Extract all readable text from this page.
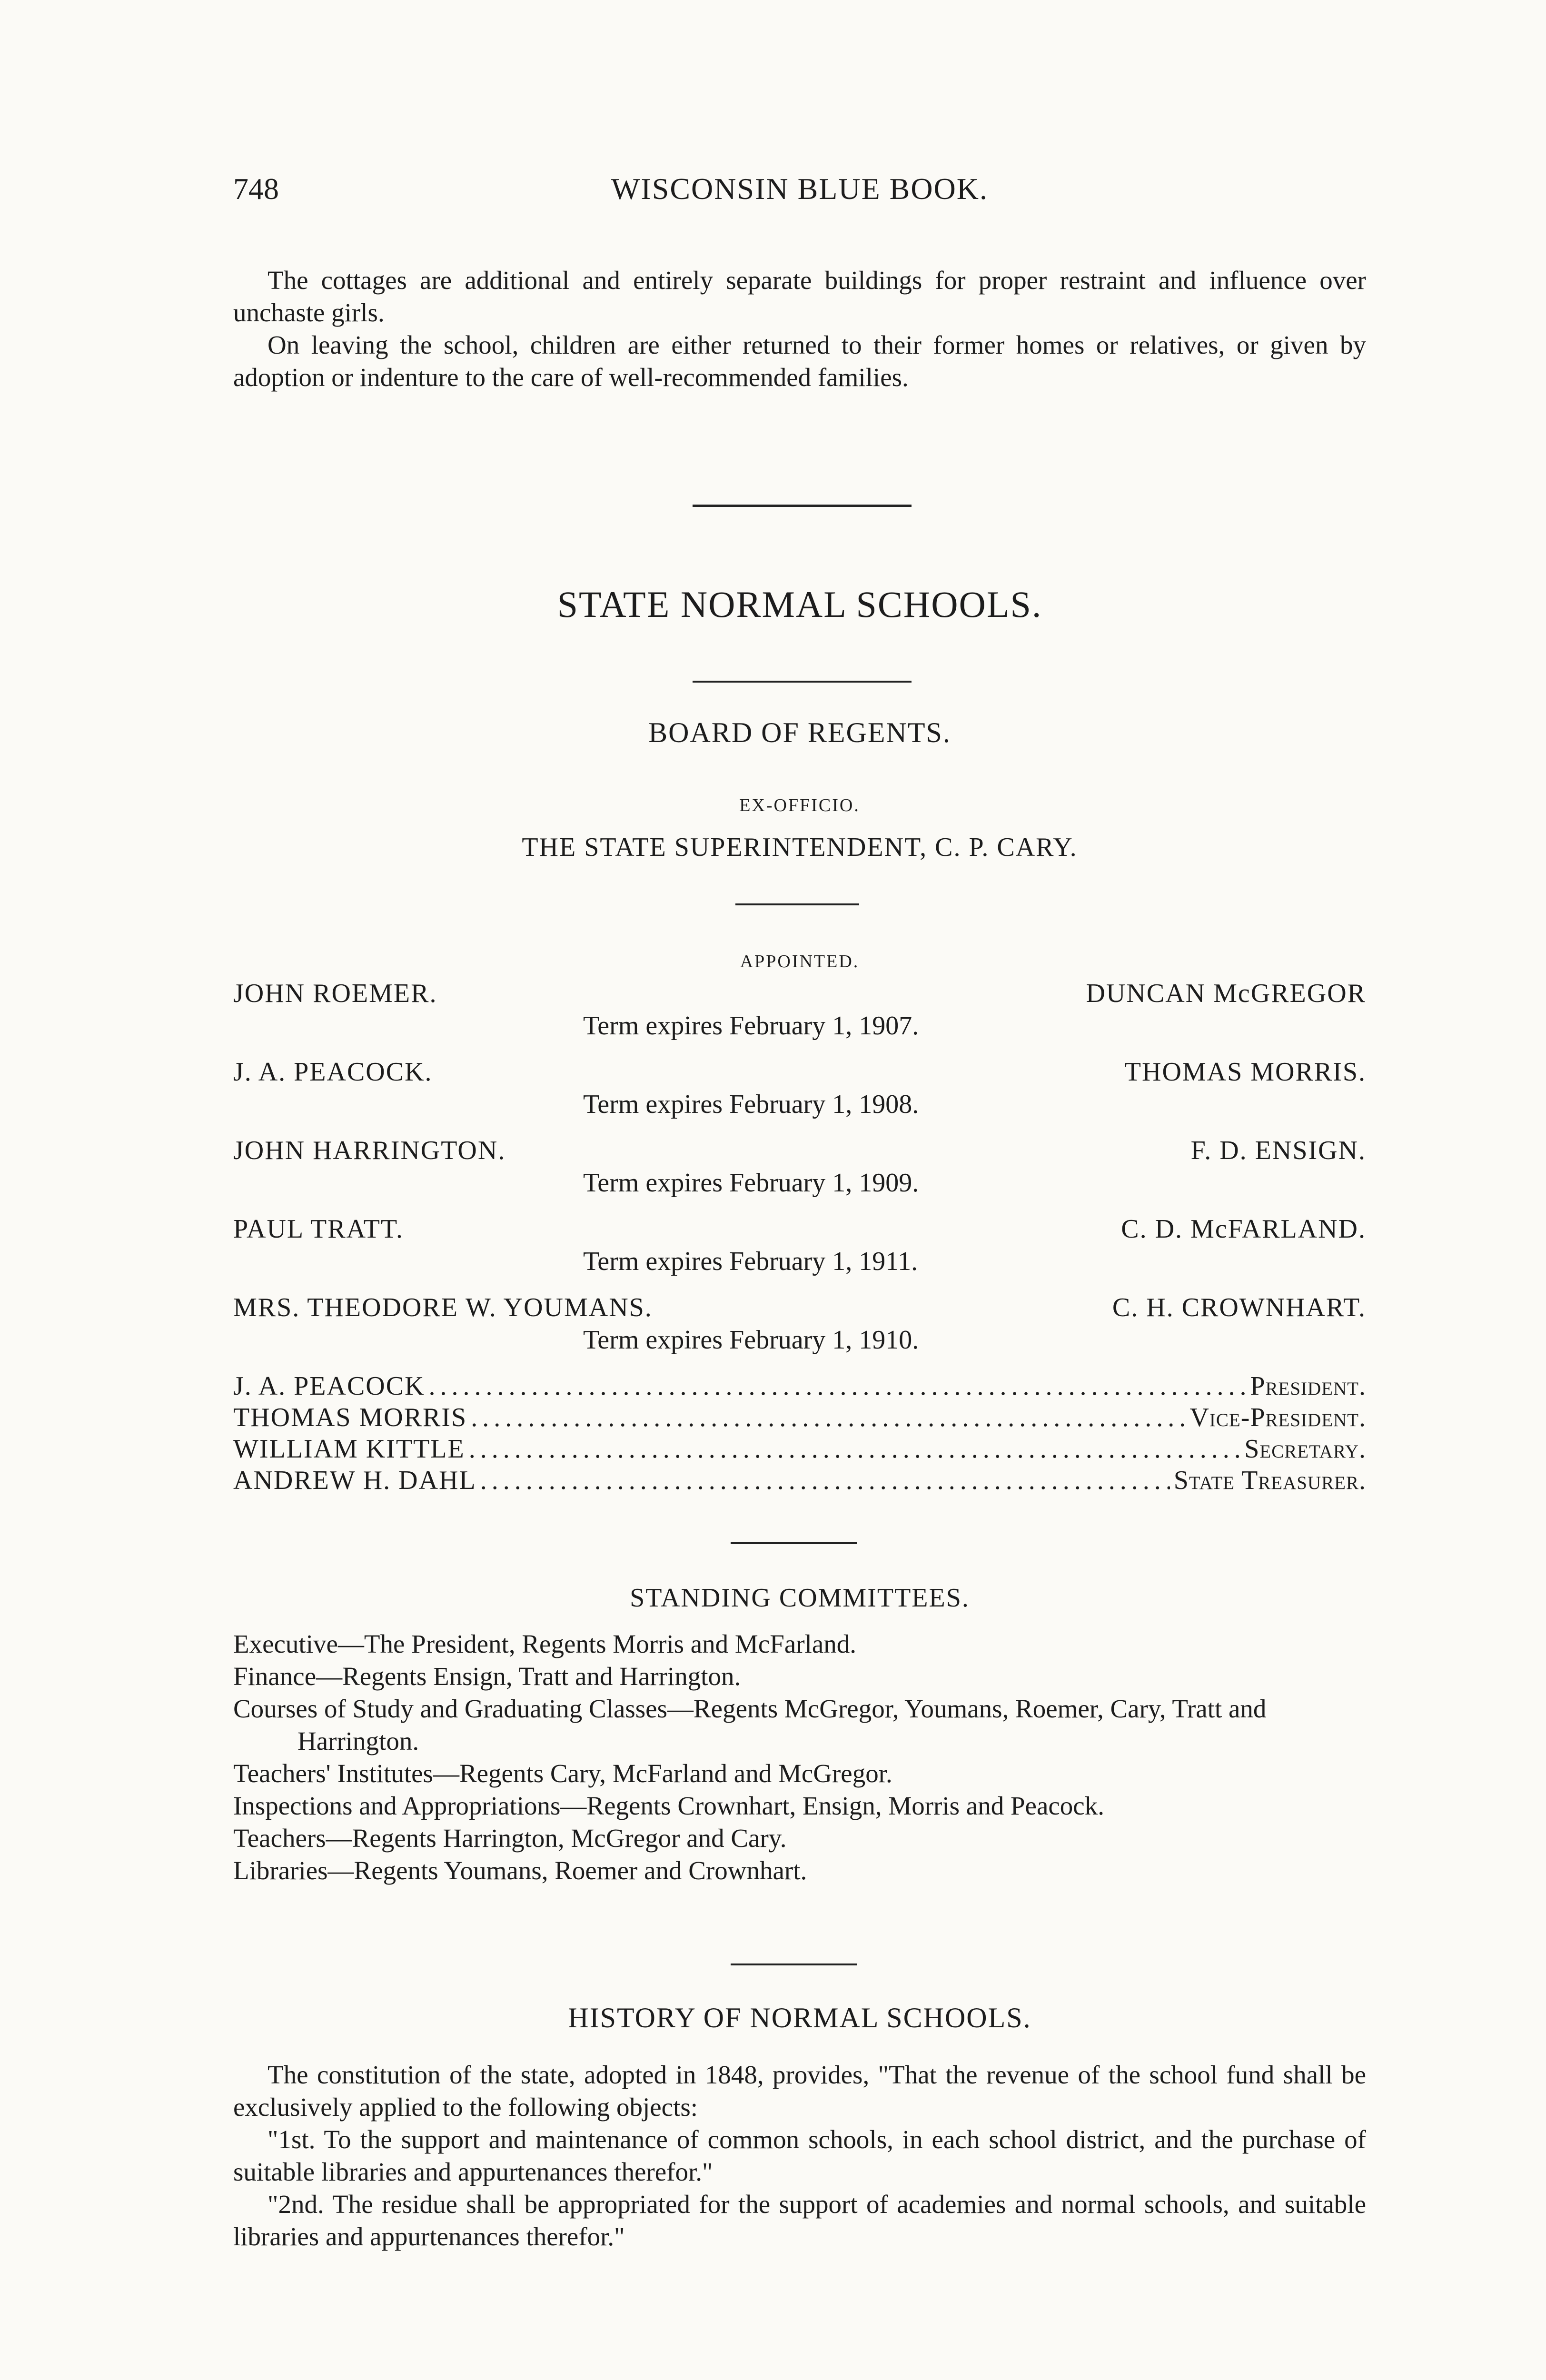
748	WISCONSIN BLUE BOOK.

The cottages are additional and entirely separate buildings for proper restraint and influence over unchaste girls.

On leaving the school, children are either returned to their former homes or relatives, or given by adoption or indenture to the care of well-recommended families.

STATE NORMAL SCHOOLS.
BOARD OF REGENTS.
EX-OFFICIO.
THE STATE SUPERINTENDENT, C. P. CARY.
APPOINTED.
JOHN ROEMER.	DUNCAN McGREGOR
Term expires February 1, 1907.
J. A. PEACOCK.	THOMAS MORRIS.
Term expires February 1, 1908.
JOHN HARRINGTON.	F. D. ENSIGN.
Term expires February 1, 1909.
PAUL TRATT.	C. D. McFARLAND.
Term expires February 1, 1911.
MRS. THEODORE W. YOUMANS.	C. H. CROWNHART.
Term expires February 1, 1910.
J. A. PEACOCK .....	President.
THOMAS MORRIS .....	Vice-President.
WILLIAM KITTLE .....	Secretary.
ANDREW H. DAHL .....	State Treasurer.
STANDING COMMITTEES.

Executive—The President, Regents Morris and McFarland.

Finance—Regents Ensign, Tratt and Harrington.

Courses of Study and Graduating Classes—Regents McGregor, Youmans, Roemer, Cary, Tratt and Harrington.

Teachers' Institutes—Regents Cary, McFarland and McGregor.

Inspections and Appropriations—Regents Crownhart, Ensign, Morris and Peacock.

Teachers—Regents Harrington, McGregor and Cary.

Libraries—Regents Youmans, Roemer and Crownhart.

HISTORY OF NORMAL SCHOOLS.

The constitution of the state, adopted in 1848, provides, "That the revenue of the school fund shall be exclusively applied to the following objects:

"1st. To the support and maintenance of common schools, in each school district, and the purchase of suitable libraries and appurtenances therefor."

"2nd. The residue shall be appropriated for the support of academies and normal schools, and suitable libraries and appurtenances therefor."
